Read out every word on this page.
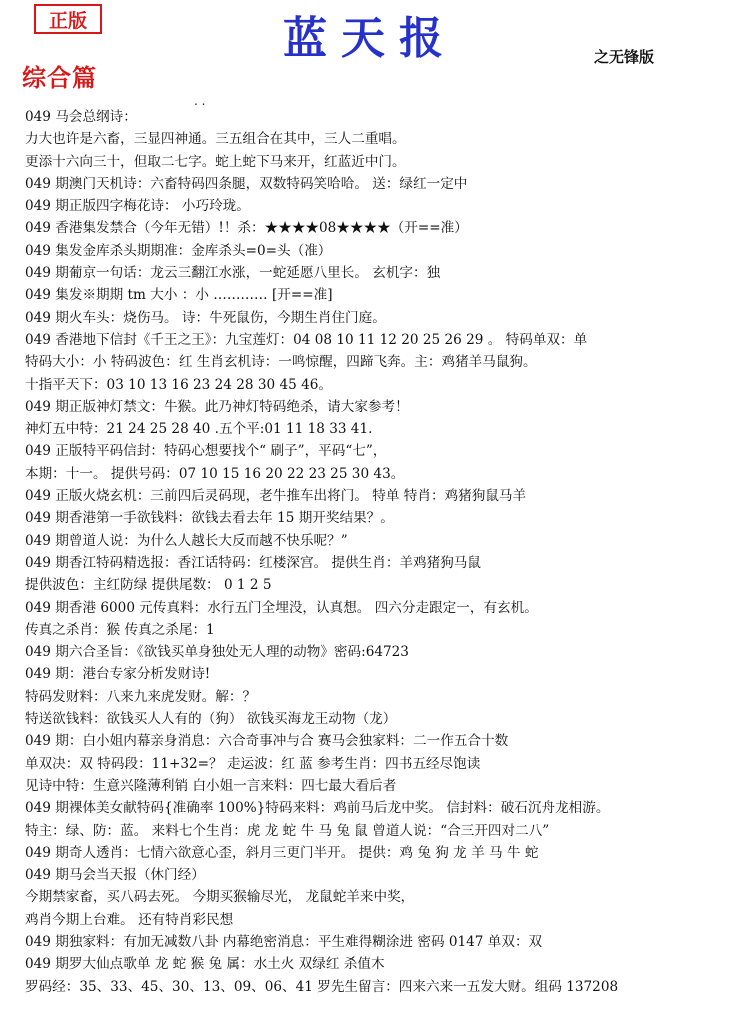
正版	蓝天报	之无锋版
综合篇
. .
049 马会总纲诗：
力大也许是六畜，三显四神通。三五组合在其中，三人二重唱。
更添十六向三十，但取二七字。蛇上蛇下马来开，红蓝近中门。
049 期澳门天机诗：六畜特码四条腿，双数特码笑哈哈。 送：绿红一定中
049 期正版四字梅花诗： 小巧玲珑。
049 香港集发禁合（今年无错）!！杀：★★★★08★★★★（开==准）
049 集发金库杀头期期准：金库杀头=0=头（准）
049 期葡京一句话：龙云三翻江水涨，一蛇延愿八里长。 玄机字：独
049 集发※期期 tm 大小 ：小 ………… [开==准]
049 期火车头：烧伤马。 诗：牛死鼠伤，今期生肖住门庭。
049 香港地下信封《千王之王》：九宝莲灯：04 08 10 11 12 20 25 26 29 。 特码单双：单
特码大小：小 特码波色：红 生肖玄机诗：一鸣惊醒，四蹄飞奔。主：鸡猪羊马鼠狗。
十指平天下：03 10 13 16 23 24 28 30 45 46。
049 期正版神灯禁文：牛猴。此乃神灯特码绝杀，请大家参考！
神灯五中特：21 24 25 28 40 .五个平:01 11 18 33 41.
049 正版特平码信封：特码心想要找个“ 刷子”，平码“七”，
本期：十一。 提供号码：07 10 15 16 20 22 23 25 30 43。
049 正版火烧玄机：三前四后灵码现，老牛推车出将门。 特单 特肖：鸡猪狗鼠马羊
049 期香港第一手欲钱料：欲钱去看去年 15 期开奖结果？。
049 期曾道人说：为什么人越长大反而越不快乐呢？”
049 期香江特码精选报：香江话特码：红楼深宫。 提供生肖：羊鸡猪狗马鼠
提供波色：主红防绿 提供尾数： 0 1 2 5
049 期香港 6000 元传真料：水行五门全埋没，认真想。 四六分走跟定一，有玄机。
传真之杀肖：猴 传真之杀尾：1
049 期六合圣旨：《欲钱买单身独处无人理的动物》密码:64723
049 期：港台专家分析发财诗!
特码发财料：八来九来虎发财。解：？
特送欲钱料：欲钱买人人有的（狗） 欲钱买海龙王动物（龙）
049 期：白小姐内幕亲身消息：六合奇事冲与合 赛马会独家料：二一作五合十数
单双决：双 特码段：11+32=？ 走运波：红 蓝 参考生肖：四书五经尽饱读
见诗中特：生意兴隆薄利销 白小姐一言来料：四七最大看后者
049 期裸体美女献特码{准确率 100%}特码来料：鸡前马后龙中奖。 信封料：破石沉舟龙相游。
特主：绿、防：蓝。 来料七个生肖：虎 龙 蛇 牛 马 兔 鼠 曾道人说：“合三开四对二八”
049 期奇人透肖：七情六欲意心歪，斜月三更门半开。 提供：鸡 兔 狗 龙 羊 马 牛 蛇
049 期马会当天报（休门经）
今期禁家畜，买八码去死。 今期买猴输尽光， 龙鼠蛇羊来中奖，
鸡肖今期上台难。 还有特肖彩民想
049 期独家料：有加无减数八卦 内幕绝密消息：平生难得糊涂进 密码 0147 单双：双
049 期罗大仙点歌单 龙 蛇 猴 兔 属：水土火 双绿红 杀值木
罗码经：35、33、45、30、13、09、06、41 罗先生留言：四来六来一五发大财。组码 137208
